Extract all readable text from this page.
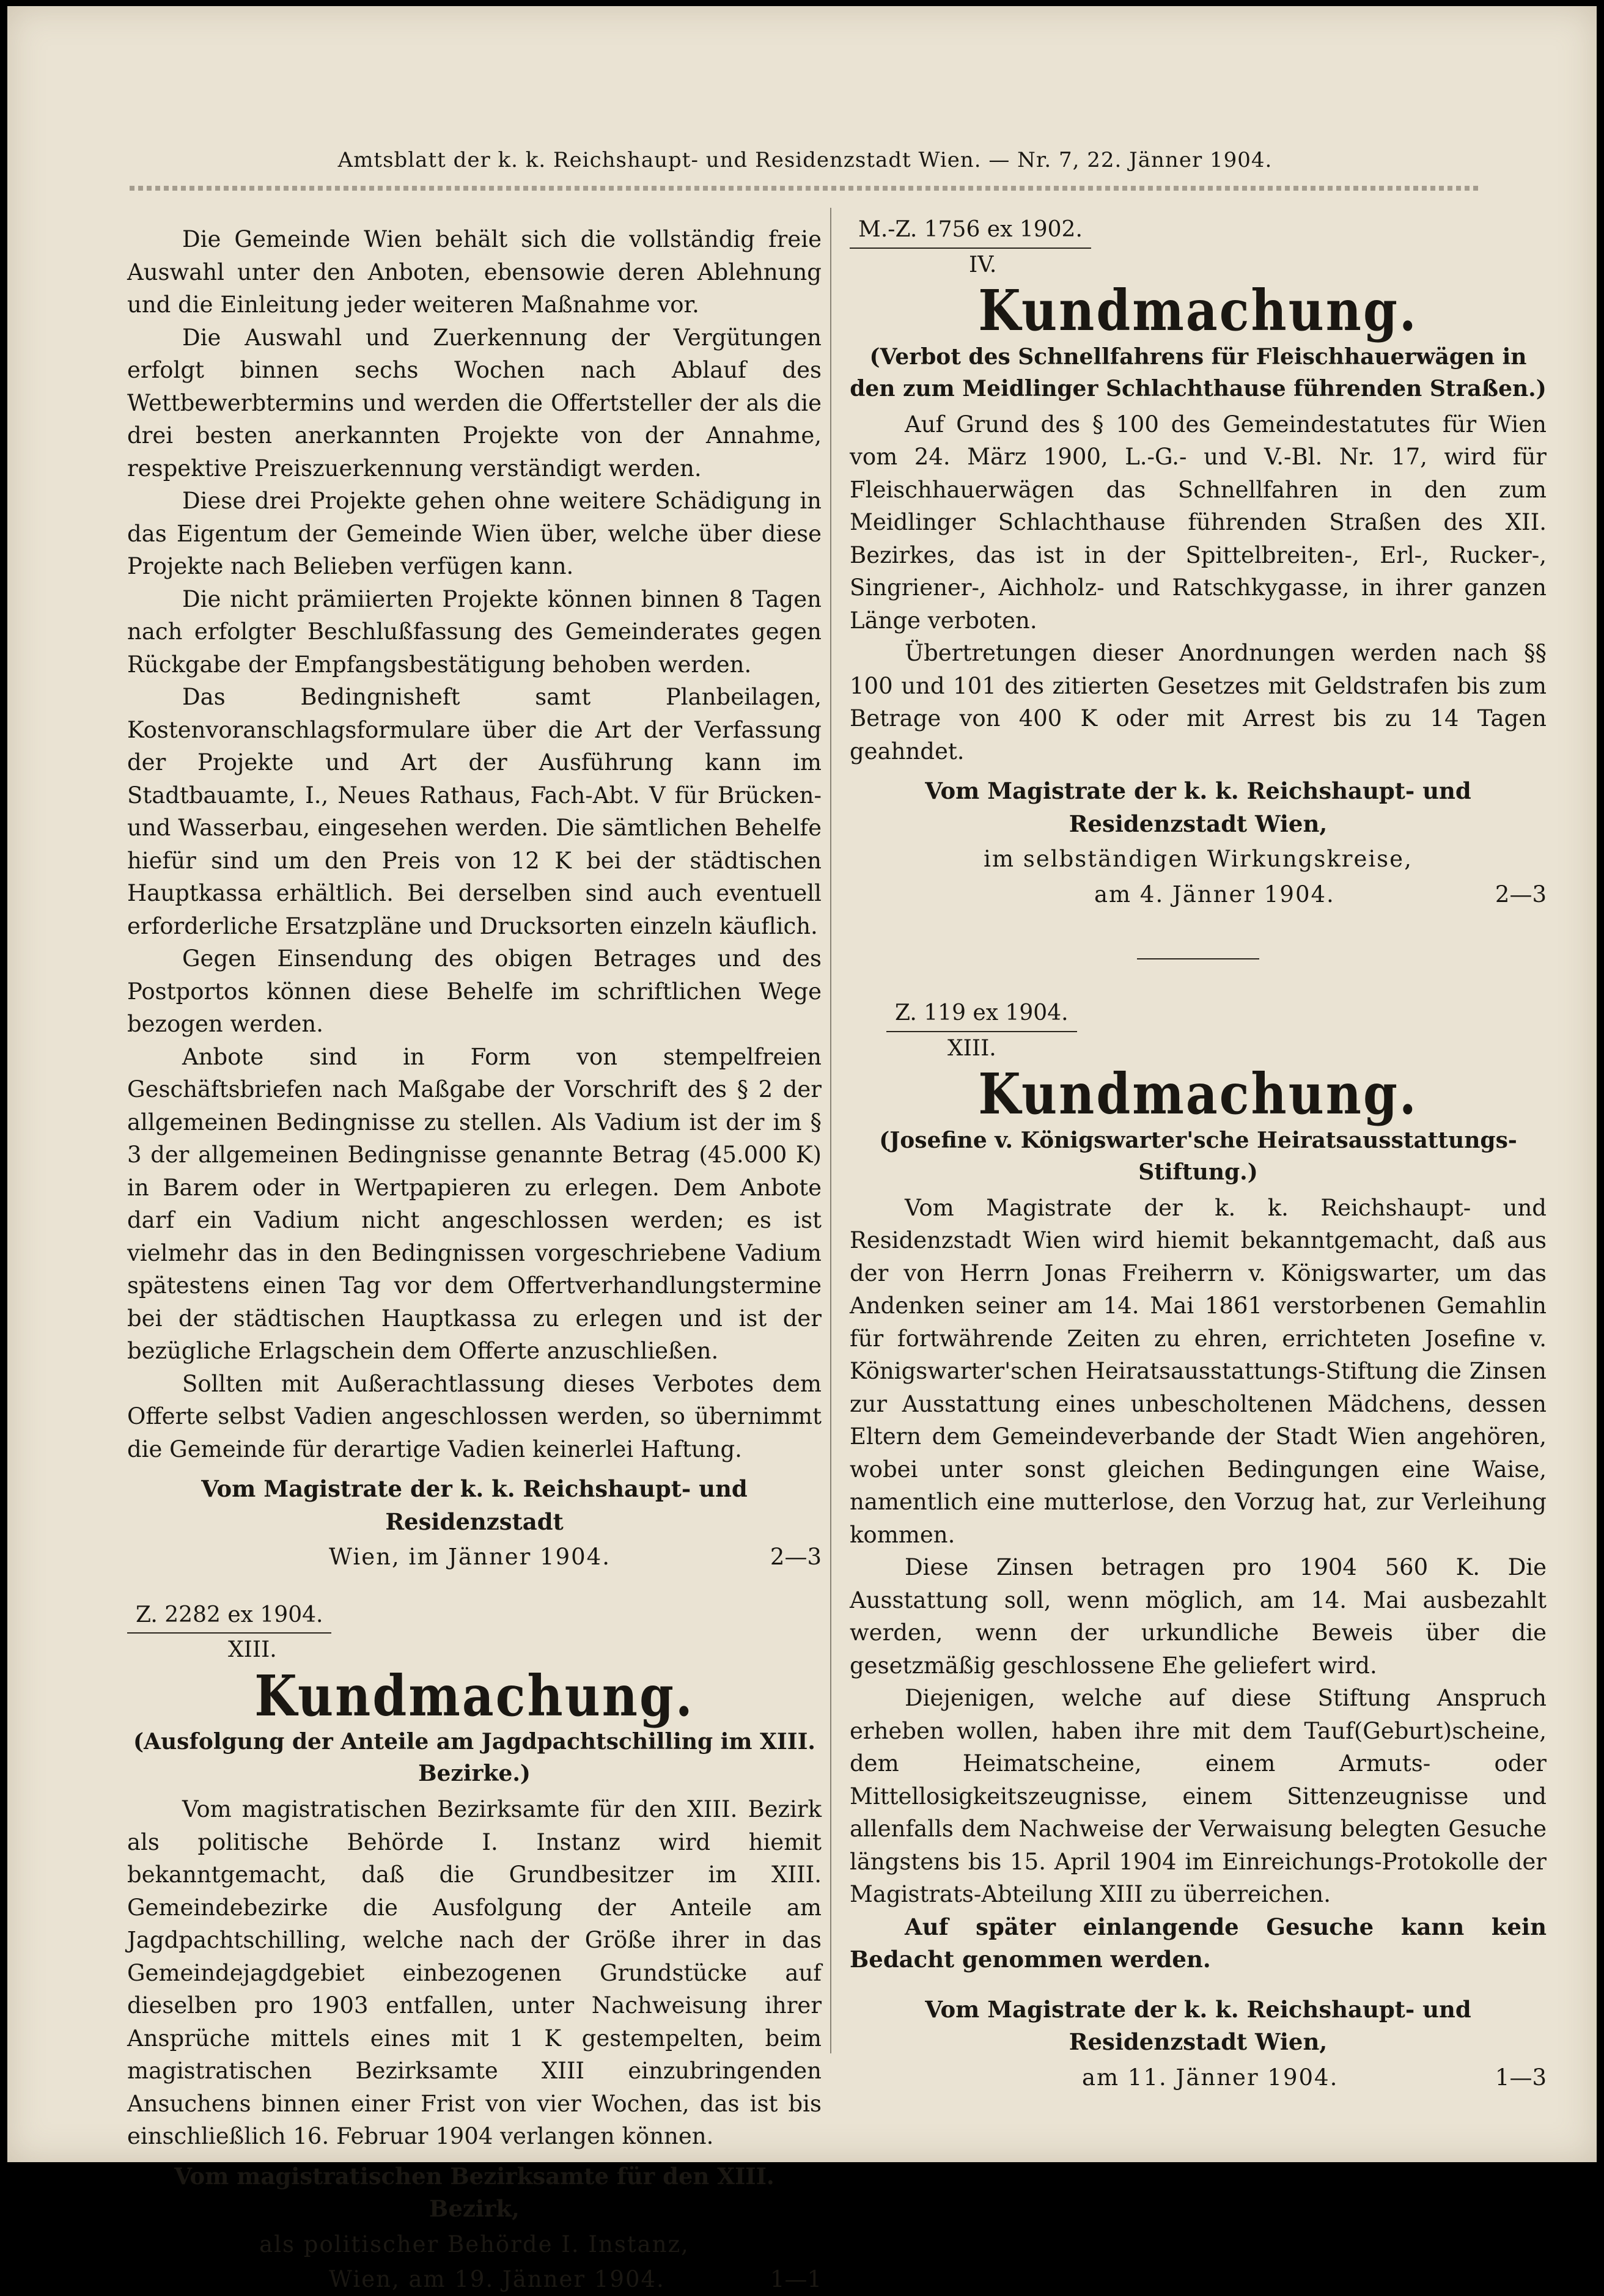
Amtsblatt der k. k. Reichshaupt- und Residenzstadt Wien. — Nr. 7, 22. Jänner 1904.

Die Gemeinde Wien behält sich die vollständig freie Auswahl unter den Anboten, ebensowie deren Ablehnung und die Einleitung jeder weiteren Maßnahme vor.

Die Auswahl und Zuerkennung der Vergütungen erfolgt binnen sechs Wochen nach Ablauf des Wettbewerbtermins und werden die Offertsteller der als die drei besten anerkannten Projekte von der Annahme, respektive Preiszuerkennung verständigt werden.

Diese drei Projekte gehen ohne weitere Schädigung in das Eigentum der Gemeinde Wien über, welche über diese Projekte nach Belieben verfügen kann.

Die nicht prämiierten Projekte können binnen 8 Tagen nach erfolgter Beschlußfassung des Gemeinderates gegen Rückgabe der Empfangsbestätigung behoben werden.

Das Bedingnisheft samt Planbeilagen, Kostenvoranschlagsformulare über die Art der Verfassung der Projekte und Art der Ausführung kann im Stadtbauamte, I., Neues Rathaus, Fach-Abt. V für Brücken- und Wasserbau, eingesehen werden. Die sämtlichen Behelfe hiefür sind um den Preis von 12 K bei der städtischen Hauptkassa erhältlich. Bei derselben sind auch eventuell erforderliche Ersatzpläne und Drucksorten einzeln käuflich.

Gegen Einsendung des obigen Betrages und des Postportos können diese Behelfe im schriftlichen Wege bezogen werden.

Anbote sind in Form von stempelfreien Geschäftsbriefen nach Maßgabe der Vorschrift des § 2 der allgemeinen Bedingnisse zu stellen. Als Vadium ist der im § 3 der allgemeinen Bedingnisse genannte Betrag (45.000 K) in Barem oder in Wertpapieren zu erlegen. Dem Anbote darf ein Vadium nicht angeschlossen werden; es ist vielmehr das in den Bedingnissen vorgeschriebene Vadium spätestens einen Tag vor dem Offertverhandlungstermine bei der städtischen Hauptkassa zu erlegen und ist der bezügliche Erlagschein dem Offerte anzuschließen.

Sollten mit Außerachtlassung dieses Verbotes dem Offerte selbst Vadien angeschlossen werden, so übernimmt die Gemeinde für derartige Vadien keinerlei Haftung.

Vom Magistrate der k. k. Reichshaupt- und Residenzstadt
Wien, im Jänner 1904.	2—3
Z. 2282 ex 1904.
XIII.
Kundmachung.
(Ausfolgung der Anteile am Jagdpachtschilling im XIII. Bezirke.)

Vom magistratischen Bezirksamte für den XIII. Bezirk als politische Behörde I. Instanz wird hiemit bekanntgemacht, daß die Grundbesitzer im XIII. Gemeindebezirke die Ausfolgung der Anteile am Jagdpachtschilling, welche nach der Größe ihrer in das Gemeindejagdgebiet einbezogenen Grundstücke auf dieselben pro 1903 entfallen, unter Nachweisung ihrer Ansprüche mittels eines mit 1 K gestempelten, beim magistratischen Bezirksamte XIII einzubringenden Ansuchens binnen einer Frist von vier Wochen, das ist bis einschließlich 16. Februar 1904 verlangen können.

Vom magistratischen Bezirksamte für den XIII. Bezirk,
als politischer Behörde I. Instanz,
Wien, am 19. Jänner 1904.	1—1
M.-Z. 1756 ex 1902.
IV.
Kundmachung.
(Verbot des Schnellfahrens für Fleischhauerwägen in den zum Meidlinger Schlachthause führenden Straßen.)

Auf Grund des § 100 des Gemeindestatutes für Wien vom 24. März 1900, L.-G.- und V.-Bl. Nr. 17, wird für Fleischhauerwägen das Schnellfahren in den zum Meidlinger Schlachthause führenden Straßen des XII. Bezirkes, das ist in der Spittelbreiten-, Erl-, Rucker-, Singriener-, Aichholz- und Ratschkygasse, in ihrer ganzen Länge verboten.

Übertretungen dieser Anordnungen werden nach §§ 100 und 101 des zitierten Gesetzes mit Geldstrafen bis zum Betrage von 400 K oder mit Arrest bis zu 14 Tagen geahndet.

Vom Magistrate der k. k. Reichshaupt- und Residenzstadt Wien,
im selbständigen Wirkungskreise,
am 4. Jänner 1904.	2—3
Z. 119 ex 1904.
XIII.
Kundmachung.
(Josefine v. Königswarter'sche Heiratsausstattungs-Stiftung.)

Vom Magistrate der k. k. Reichshaupt- und Residenzstadt Wien wird hiemit bekanntgemacht, daß aus der von Herrn Jonas Freiherrn v. Königswarter, um das Andenken seiner am 14. Mai 1861 verstorbenen Gemahlin für fortwährende Zeiten zu ehren, errichteten Josefine v. Königswarter'schen Heiratsausstattungs-Stiftung die Zinsen zur Ausstattung eines unbescholtenen Mädchens, dessen Eltern dem Gemeindeverbande der Stadt Wien angehören, wobei unter sonst gleichen Bedingungen eine Waise, namentlich eine mutterlose, den Vorzug hat, zur Verleihung kommen.

Diese Zinsen betragen pro 1904 560 K. Die Ausstattung soll, wenn möglich, am 14. Mai ausbezahlt werden, wenn der urkundliche Beweis über die gesetzmäßig geschlossene Ehe geliefert wird.

Diejenigen, welche auf diese Stiftung Anspruch erheben wollen, haben ihre mit dem Tauf(Geburt)scheine, dem Heimatscheine, einem Armuts- oder Mittellosigkeitszeugnisse, einem Sittenzeugnisse und allenfalls dem Nachweise der Verwaisung belegten Gesuche längstens bis 15. April 1904 im Einreichungs-Protokolle der Magistrats-Abteilung XIII zu überreichen.

Auf später einlangende Gesuche kann kein Bedacht genommen werden.

Vom Magistrate der k. k. Reichshaupt- und Residenzstadt Wien,
am 11. Jänner 1904.	1—3
